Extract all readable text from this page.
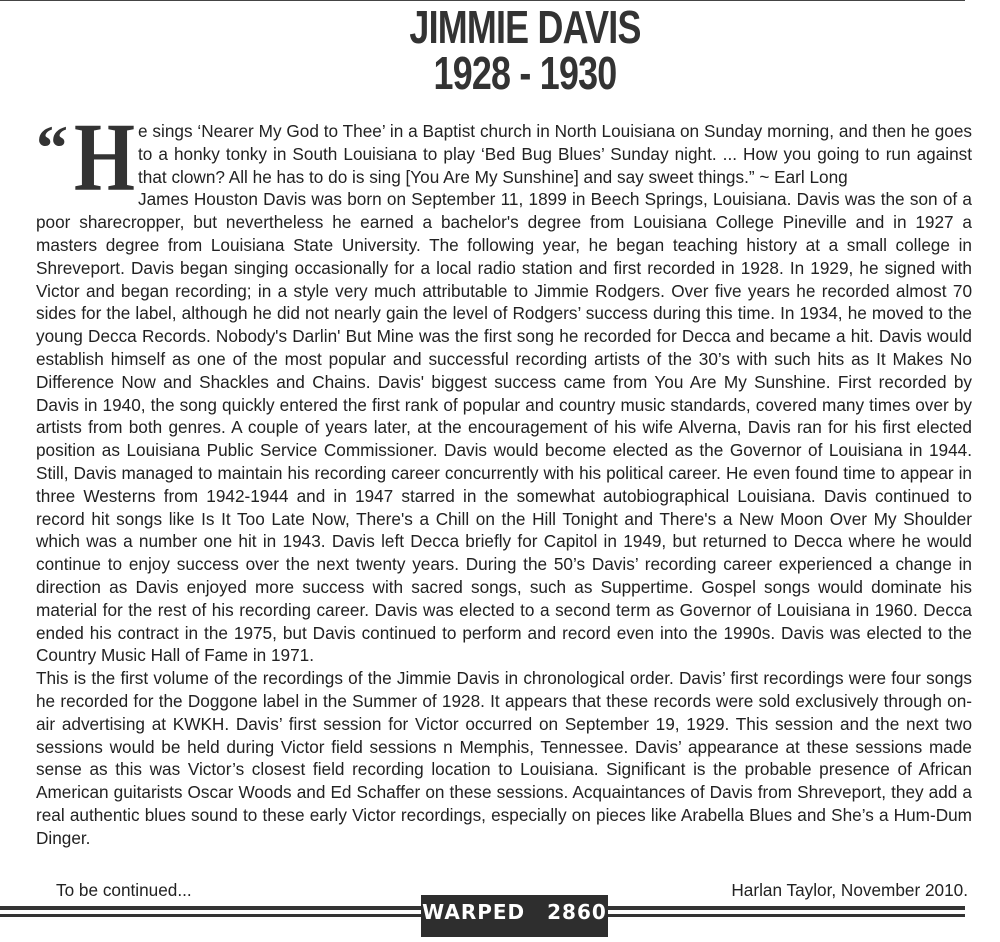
JIMMIE DAVIS
1928 - 1930

“ H e sings ‘Nearer My God to Thee’ in a Baptist church in North Louisiana on Sunday morning, and then he goes to a honky tonky in South Louisiana to play ‘Bed Bug Blues’ Sunday night. ... How you going to run against that clown? All he has to do is sing [You Are My Sunshine] and say sweet things.” ~ Earl Long

James Houston Davis was born on September 11, 1899 in Beech Springs, Louisiana. Davis was the son of a poor sharecropper, but nevertheless he earned a bachelor's degree from Louisiana College Pineville and in 1927 a masters degree from Louisiana State University. The following year, he began teaching history at a small college in Shreveport. Davis began singing occasionally for a local radio station and first recorded in 1928. In 1929, he signed with Victor and began recording; in a style very much attributable to Jimmie Rodgers. Over five years he recorded almost 70 sides for the label, although he did not nearly gain the level of Rodgers’ success during this time. In 1934, he moved to the young Decca Records. Nobody's Darlin' But Mine was the first song he recorded for Decca and became a hit. Davis would establish himself as one of the most popular and successful recording artists of the 30’s with such hits as It Makes No Difference Now and Shackles and Chains. Davis' biggest success came from You Are My Sunshine. First recorded by Davis in 1940, the song quickly entered the first rank of popular and country music standards, covered many times over by artists from both genres. A couple of years later, at the encouragement of his wife Alverna, Davis ran for his first elected position as Louisiana Public Service Commissioner. Davis would become elected as the Governor of Louisiana in 1944. Still, Davis managed to maintain his recording career concurrently with his political career. He even found time to appear in three Westerns from 1942-1944 and in 1947 starred in the somewhat autobiographical Louisiana. Davis continued to record hit songs like Is It Too Late Now, There's a Chill on the Hill Tonight and There's a New Moon Over My Shoulder which was a number one hit in 1943. Davis left Decca briefly for Capitol in 1949, but returned to Decca where he would continue to enjoy success over the next twenty years. During the 50’s Davis’ recording career experienced a change in direction as Davis enjoyed more success with sacred songs, such as Suppertime. Gospel songs would dominate his material for the rest of his recording career. Davis was elected to a second term as Governor of Louisiana in 1960. Decca ended his contract in the 1975, but Davis continued to perform and record even into the 1990s. Davis was elected to the Country Music Hall of Fame in 1971.

This is the first volume of the recordings of the Jimmie Davis in chronological order. Davis’ first recordings were four songs he recorded for the Doggone label in the Summer of 1928. It appears that these records were sold exclusively through on-air advertising at KWKH. Davis’ first session for Victor occurred on September 19, 1929. This session and the next two sessions would be held during Victor field sessions n Memphis, Tennessee. Davis’ appearance at these sessions made sense as this was Victor’s closest field recording location to Louisiana. Significant is the probable presence of African American guitarists Oscar Woods and Ed Schaffer on these sessions. Acquaintances of Davis from Shreveport, they add a real authentic blues sound to these early Victor recordings, especially on pieces like Arabella Blues and She’s a Hum-Dum Dinger.

To be continued...	Harlan Taylor, November 2010.
WARPED 2860
